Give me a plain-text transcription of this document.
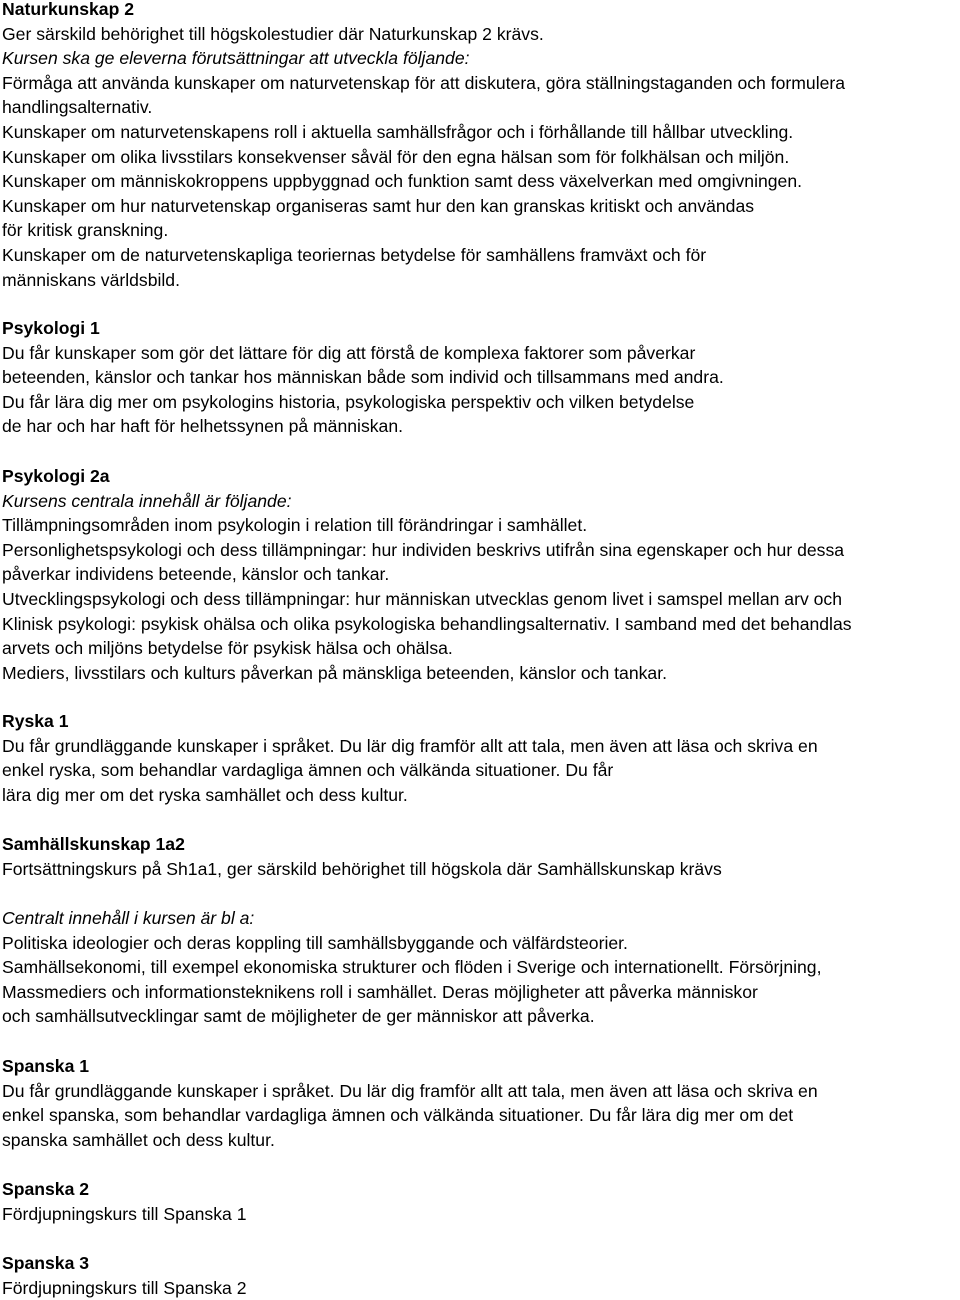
Naturkunskap 2

Ger särskild behörighet till högskolestudier där Naturkunskap 2 krävs.

Kursen ska ge eleverna förutsättningar att utveckla följande:

Förmåga att använda kunskaper om naturvetenskap för att diskutera, göra ställningstaganden och formulera

handlingsalternativ.

Kunskaper om naturvetenskapens roll i aktuella samhällsfrågor och i förhållande till hållbar utveckling.

Kunskaper om olika livsstilars konsekvenser såväl för den egna hälsan som för folkhälsan och miljön.

Kunskaper om människokroppens uppbyggnad och funktion samt dess växelverkan med omgivningen.

Kunskaper om hur naturvetenskap organiseras samt hur den kan granskas kritiskt och användas

för kritisk granskning.

Kunskaper om de naturvetenskapliga teoriernas betydelse för samhällens framväxt och för

människans världsbild.

Psykologi 1

Du får kunskaper som gör det lättare för dig att förstå de komplexa faktorer som påverkar

beteenden, känslor och tankar hos människan både som individ och tillsammans med andra.

Du får lära dig mer om psykologins historia, psykologiska perspektiv och vilken betydelse

de har och har haft för helhetssynen på människan.

Psykologi 2a

Kursens centrala innehåll är följande:

Tillämpningsområden inom psykologin i relation till förändringar i samhället.

Personlighetspsykologi och dess tillämpningar: hur individen beskrivs utifrån sina egenskaper och hur dessa

påverkar individens beteende, känslor och tankar.

Utvecklingspsykologi och dess tillämpningar: hur människan utvecklas genom livet i samspel mellan arv och

Klinisk psykologi: psykisk ohälsa och olika psykologiska behandlingsalternativ. I samband med det behandlas

arvets och miljöns betydelse för psykisk hälsa och ohälsa.

Mediers, livsstilars och kulturs påverkan på mänskliga beteenden, känslor och tankar.

Ryska 1

Du får grundläggande kunskaper i språket. Du lär dig framför allt att tala, men även att läsa och skriva en

enkel ryska, som behandlar vardagliga ämnen och välkända situationer. Du får

lära dig mer om det ryska samhället och dess kultur.

Samhällskunskap 1a2

Fortsättningskurs på Sh1a1, ger särskild behörighet till högskola där Samhällskunskap krävs

Centralt innehåll i kursen är bl a:

Politiska ideologier och deras koppling till samhällsbyggande och välfärdsteorier.

Samhällsekonomi, till exempel ekonomiska strukturer och flöden i Sverige och internationellt. Försörjning,

Massmediers och informationsteknikens roll i samhället. Deras möjligheter att påverka människor

och samhällsutvecklingar samt de möjligheter de ger människor att påverka.

Spanska 1

Du får grundläggande kunskaper i språket. Du lär dig framför allt att tala, men även att läsa och skriva en

enkel spanska, som behandlar vardagliga ämnen och välkända situationer. Du får lära dig mer om det

spanska samhället och dess kultur.

Spanska 2

Fördjupningskurs till Spanska 1

Spanska 3

Fördjupningskurs till Spanska 2
